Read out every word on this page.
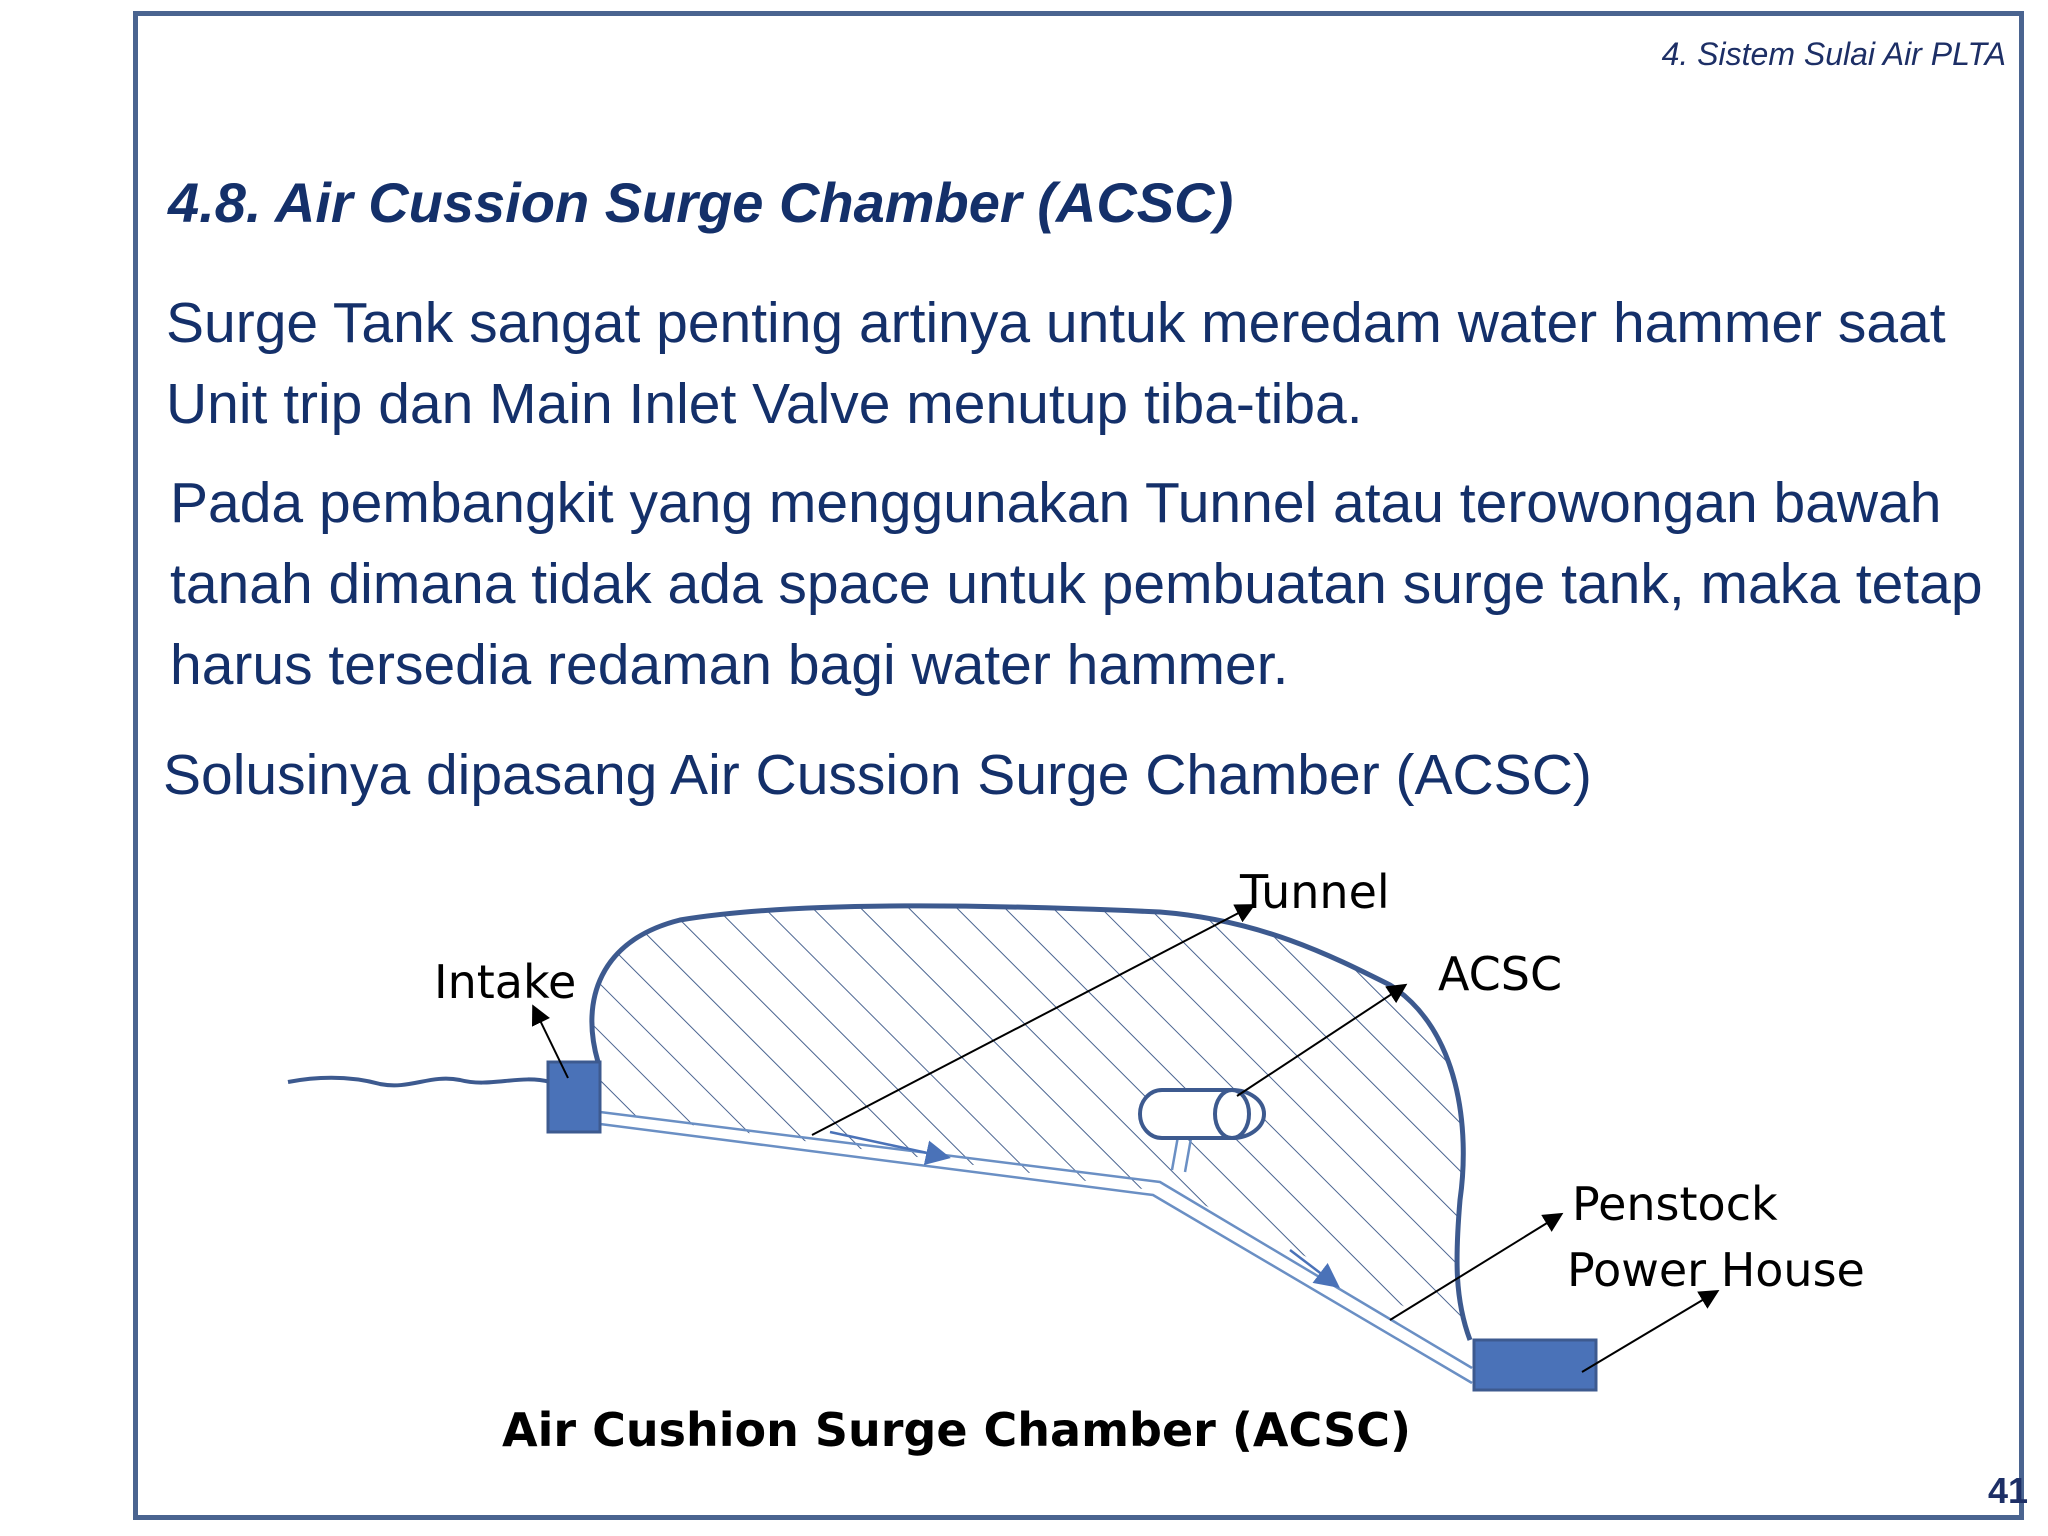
4. Sistem Sulai Air PLTA
4.8. Air Cussion Surge Chamber (ACSC)
Surge Tank sangat penting artinya untuk meredam water hammer saat Unit trip dan Main Inlet Valve menutup tiba-tiba.
Pada pembangkit yang menggunakan Tunnel atau terowongan bawah tanah dimana tidak ada space untuk pembuatan surge tank, maka tetap harus tersedia redaman bagi water hammer.
Solusinya dipasang Air Cussion Surge Chamber (ACSC)
41
Intake
Tunnel
ACSC
Penstock
Power House
Air Cushion Surge Chamber (ACSC)
